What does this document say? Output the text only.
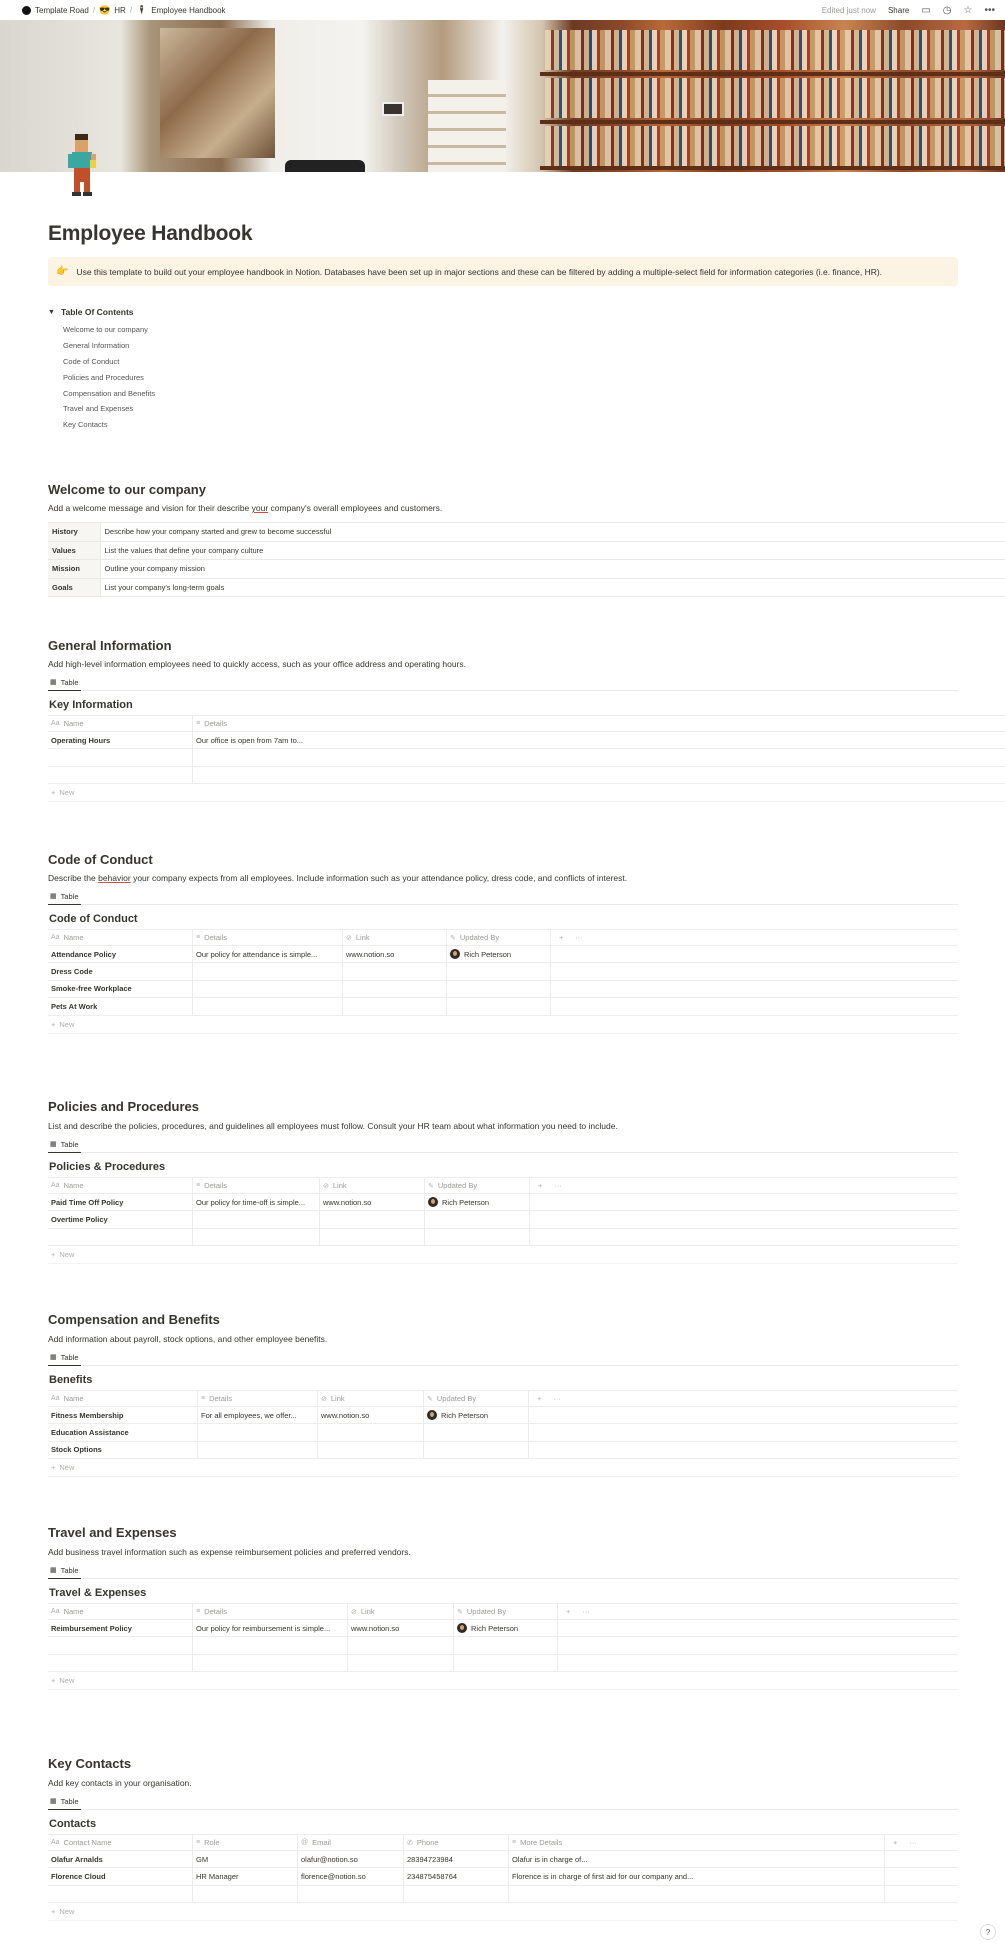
Template Road / 😎 HR / 🕴 Employee Handbook	Edited just now Share ▭ ◷ ☆ •••
Employee Handbook
👉 Use this template to build out your employee handbook in Notion. Databases have been set up in major sections and these can be filtered by adding a multiple-select field for information categories (i.e. finance, HR).
▼ Table Of Contents
Welcome to our company
General Information
Code of Conduct
Policies and Procedures
Compensation and Benefits
Travel and Expenses
Key Contacts
Welcome to our company
Add a welcome message and vision for their describe your company's overall employees and customers.
History	Describe how your company started and grew to become successful
Values	List the values that define your company culture
Mission	Outline your company mission
Goals	List your company's long-term goals
General Information
Add high-level information employees need to quickly access, such as your office address and operating hours.
▦ Table
Key Information
Aa Name	≡ Details
Operating Hours	Our office is open from 7am to...
+ New
Code of Conduct
Describe the behavior your company expects from all employees. Include information such as your attendance policy, dress code, and conflicts of interest.
▦ Table
Code of Conduct
Aa Name	≡ Details	⊘ Link	✎ Updated By	+ ···
Attendance Policy	Our policy for attendance is simple...	www.notion.so	Rich Peterson
Dress Code
Smoke-free Workplace
Pets At Work
+ New
Policies and Procedures
List and describe the policies, procedures, and guidelines all employees must follow. Consult your HR team about what information you need to include.
▦ Table
Policies & Procedures
Aa Name	≡ Details	⊘ Link	✎ Updated By	+ ···
Paid Time Off Policy	Our policy for time-off is simple...	www.notion.so	Rich Peterson
Overtime Policy
+ New
Compensation and Benefits
Add information about payroll, stock options, and other employee benefits.
▦ Table
Benefits
Aa Name	≡ Details	⊘ Link	✎ Updated By	+ ···
Fitness Membership	For all employees, we offer...	www.notion.so	Rich Peterson
Education Assistance
Stock Options
+ New
Travel and Expenses
Add business travel information such as expense reimbursement policies and preferred vendors.
▦ Table
Travel & Expenses
Aa Name	≡ Details	⊘ Link	✎ Updated By	+ ···
Reimbursement Policy	Our policy for reimbursement is simple...	www.notion.so	Rich Peterson
+ New
Key Contacts
Add key contacts in your organisation.
▦ Table
Contacts
Aa Contact Name	≡ Role	@ Email	✆ Phone	≡ More Details	+ ···
Olafur Arnalds	GM	olafur@notion.so	28394723984	Olafur is in charge of...
Florence Cloud	HR Manager	florence@notion.so	234875458764	Florence is in charge of first aid for our company and...
+ New
?
